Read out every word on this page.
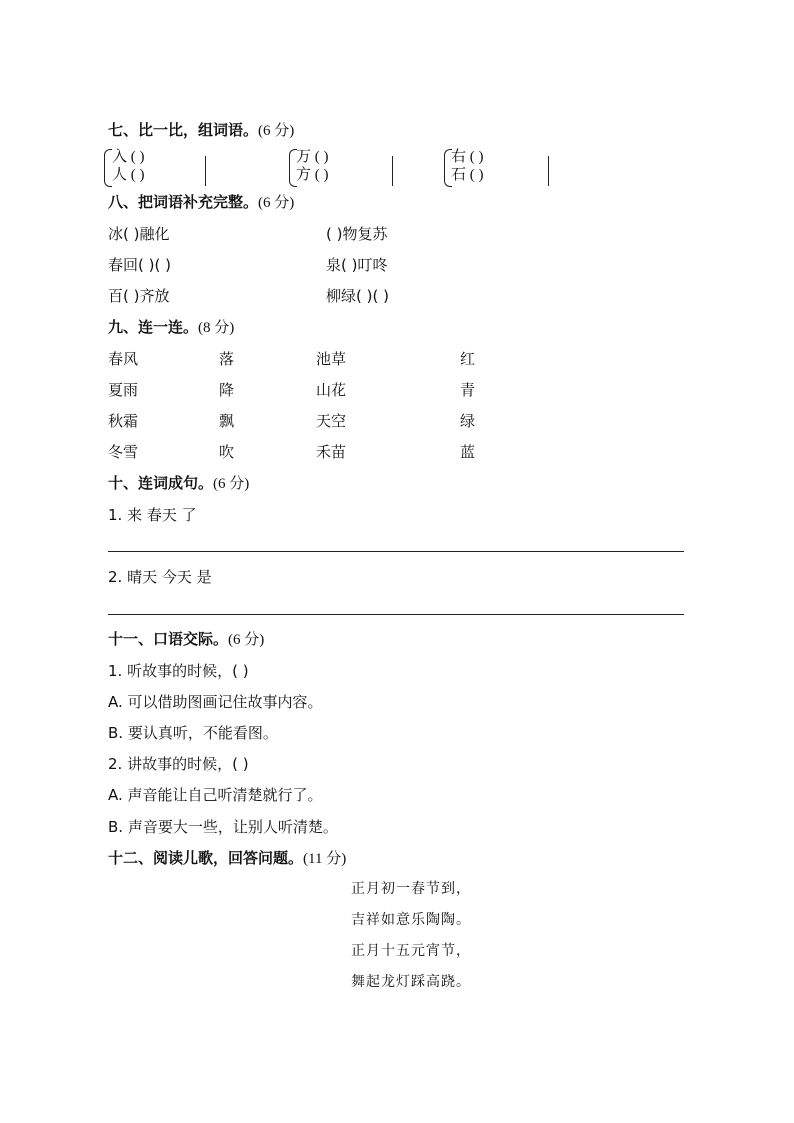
七、比一比，组词语。(6 分)
入 ( )
人 ( )
万 ( )
方 ( )
右 ( )
石 ( )
八、把词语补充完整。(6 分)
冰( )融化	( )物复苏
春回( )( )	泉( )叮咚
百( )齐放	柳绿( )( )
九、连一连。(8 分)
春风	落	池草	红
夏雨	降	山花	青
秋霜	飘	天空	绿
冬雪	吹	禾苗	蓝
十、连词成句。(6 分)
1. 来 春天 了
2. 晴天 今天 是
十一、口语交际。(6 分)
1. 听故事的时候，( )
A. 可以借助图画记住故事内容。
B. 要认真听，不能看图。
2. 讲故事的时候，( )
A. 声音能让自己听清楚就行了。
B. 声音要大一些，让别人听清楚。
十二、阅读儿歌，回答问题。(11 分)
正月初一春节到，
吉祥如意乐陶陶。
正月十五元宵节，
舞起龙灯踩高跷。
